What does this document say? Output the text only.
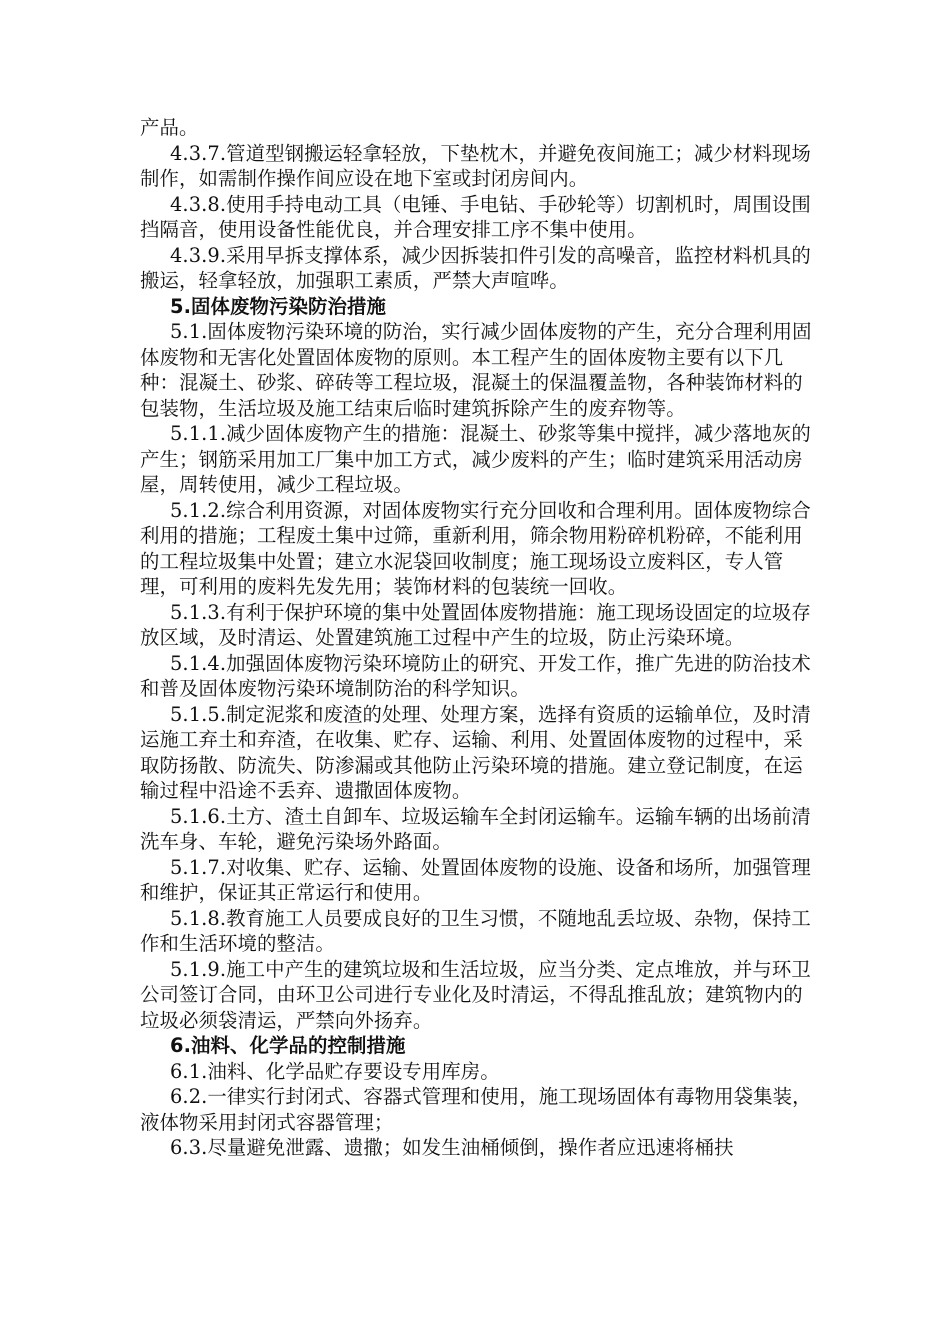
产品。

4.3.7.管道型钢搬运轻拿轻放，下垫枕木，并避免夜间施工；减少材料现场制作，如需制作操作间应设在地下室或封闭房间内。

4.3.8.使用手持电动工具（电锤、手电钻、手砂轮等）切割机时，周围设围挡隔音，使用设备性能优良，并合理安排工序不集中使用。

4.3.9.采用早拆支撑体系，减少因拆装扣件引发的高噪音，监控材料机具的搬运，轻拿轻放，加强职工素质，严禁大声喧哗。

5.固体废物污染防治措施

5.1.固体废物污染环境的防治，实行减少固体废物的产生，充分合理利用固体废物和无害化处置固体废物的原则。本工程产生的固体废物主要有以下几种：混凝土、砂浆、碎砖等工程垃圾，混凝土的保温覆盖物，各种装饰材料的包装物，生活垃圾及施工结束后临时建筑拆除产生的废弃物等。

5.1.1.减少固体废物产生的措施：混凝土、砂浆等集中搅拌，减少落地灰的产生；钢筋采用加工厂集中加工方式，减少废料的产生；临时建筑采用活动房屋，周转使用，减少工程垃圾。

5.1.2.综合利用资源，对固体废物实行充分回收和合理利用。固体废物综合利用的措施；工程废土集中过筛，重新利用，筛余物用粉碎机粉碎，不能利用的工程垃圾集中处置；建立水泥袋回收制度；施工现场设立废料区，专人管理，可利用的废料先发先用；装饰材料的包装统一回收。

5.1.3.有利于保护环境的集中处置固体废物措施：施工现场设固定的垃圾存放区域，及时清运、处置建筑施工过程中产生的垃圾，防止污染环境。

5.1.4.加强固体废物污染环境防止的研究、开发工作，推广先进的防治技术和普及固体废物污染环境制防治的科学知识。

5.1.5.制定泥浆和废渣的处理、处理方案，选择有资质的运输单位，及时清运施工弃土和弃渣，在收集、贮存、运输、利用、处置固体废物的过程中，采取防扬散、防流失、防渗漏或其他防止污染环境的措施。建立登记制度，在运输过程中沿途不丢弃、遗撒固体废物。

5.1.6.土方、渣土自卸车、垃圾运输车全封闭运输车。运输车辆的出场前清洗车身、车轮，避免污染场外路面。

5.1.7.对收集、贮存、运输、处置固体废物的设施、设备和场所，加强管理和维护，保证其正常运行和使用。

5.1.8.教育施工人员要成良好的卫生习惯，不随地乱丢垃圾、杂物，保持工作和生活环境的整洁。

5.1.9.施工中产生的建筑垃圾和生活垃圾，应当分类、定点堆放，并与环卫公司签订合同，由环卫公司进行专业化及时清运，不得乱推乱放；建筑物内的垃圾必须袋清运，严禁向外扬弃。

6.油料、化学品的控制措施

6.1.油料、化学品贮存要设专用库房。

6.2.一律实行封闭式、容器式管理和使用，施工现场固体有毒物用袋集装，液体物采用封闭式容器管理；

6.3.尽量避免泄露、遗撒；如发生油桶倾倒，操作者应迅速将桶扶
